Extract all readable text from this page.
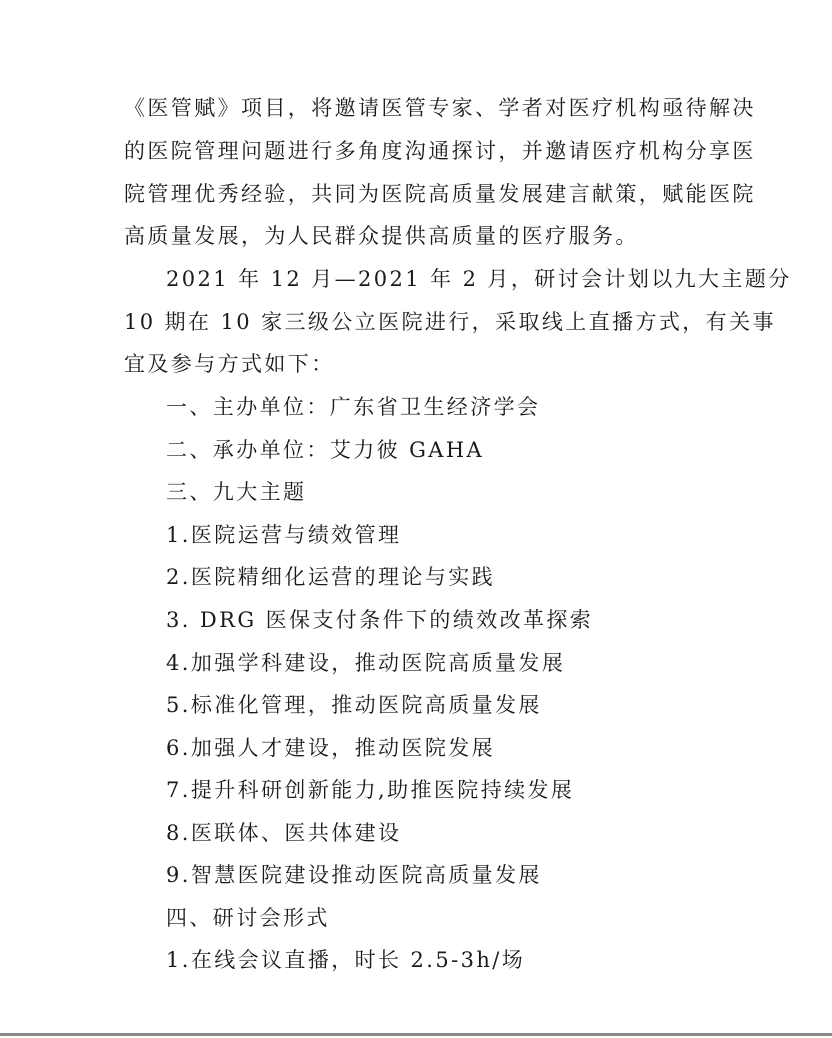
《医管赋》项目，将邀请医管专家、学者对医疗机构亟待解决
的医院管理问题进行多角度沟通探讨，并邀请医疗机构分享医
院管理优秀经验，共同为医院高质量发展建言献策，赋能医院
高质量发展，为人民群众提供高质量的医疗服务。
2021 年 12 月—2021 年 2 月，研讨会计划以九大主题分
10 期在 10 家三级公立医院进行，采取线上直播方式，有关事
宜及参与方式如下：
一、主办单位：广东省卫生经济学会
二、承办单位：艾力彼 GAHA
三、九大主题
1.医院运营与绩效管理
2.医院精细化运营的理论与实践
3. DRG 医保支付条件下的绩效改革探索
4.加强学科建设，推动医院高质量发展
5.标准化管理，推动医院高质量发展
6.加强人才建设，推动医院发展
7.提升科研创新能力,助推医院持续发展
8.医联体、医共体建设
9.智慧医院建设推动医院高质量发展
四、研讨会形式
1.在线会议直播，时长 2.5-3h/场
